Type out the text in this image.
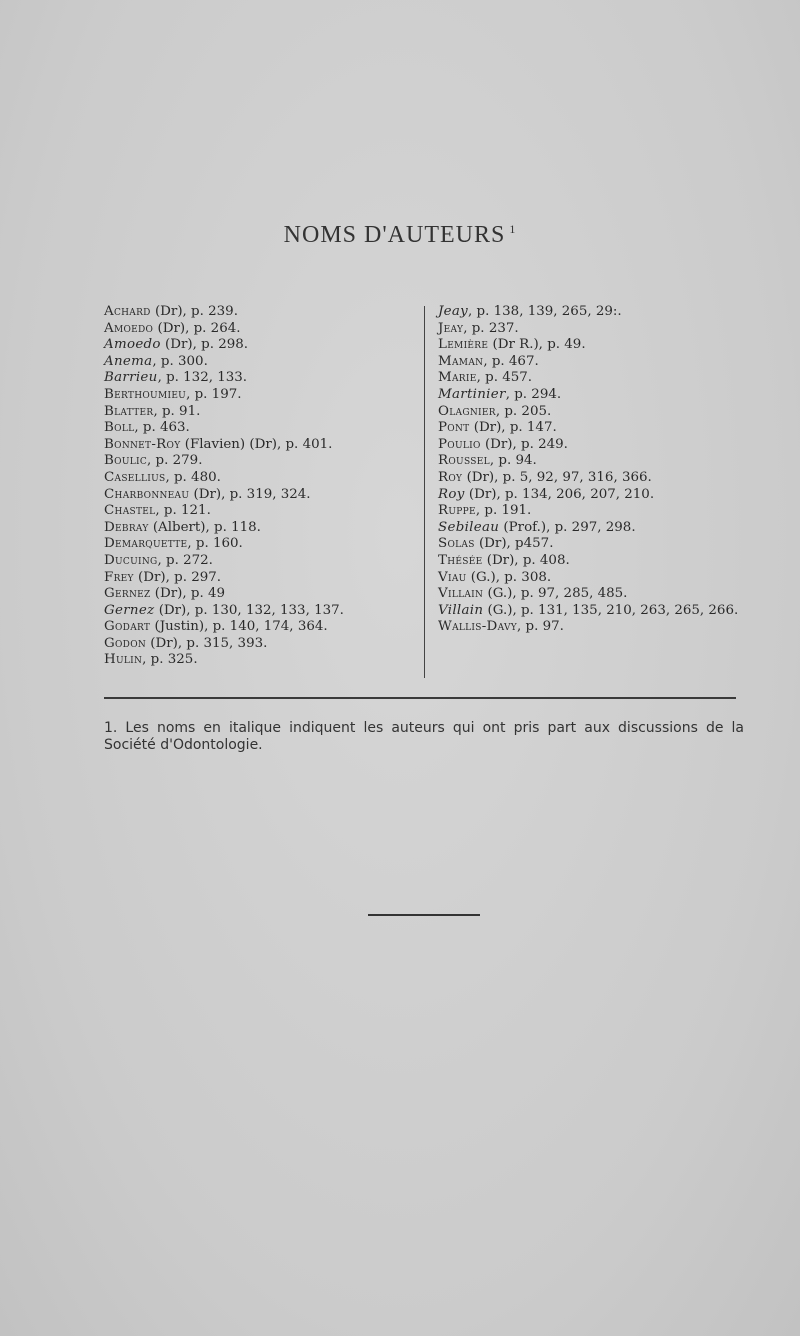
NOMS D'AUTEURS $^1$
Achard (Dr), p. 239.
Amoedo (Dr), p. 264.
Amoedo (Dr), p. 298.
Anema, p. 300.
Barrieu, p. 132, 133.
Berthoumieu, p. 197.
Blatter, p. 91.
Boll, p. 463.
Bonnet-Roy (Flavien) (Dr), p. 401.
Boulic, p. 279.
Casellius, p. 480.
Charbonneau (Dr), p. 319, 324.
Chastel, p. 121.
Debray (Albert), p. 118.
Demarquette, p. 160.
Ducuing, p. 272.
Frey (Dr), p. 297.
Gernez (Dr), p. 49
Gernez (Dr), p. 130, 132, 133, 137.
Godart (Justin), p. 140, 174, 364.
Godon (Dr), p. 315, 393.
Hulin, p. 325.
Jeay, p. 138, 139, 265, 29:.
Jeay, p. 237.
Lemière (Dr R.), p. 49.
Maman, p. 467.
Marie, p. 457.
Martinier, p. 294.
Olagnier, p. 205.
Pont (Dr), p. 147.
Poulio (Dr), p. 249.
Roussel, p. 94.
Roy (Dr), p. 5, 92, 97, 316, 366.
Roy (Dr), p. 134, 206, 207, 210.
Ruppe, p. 191.
Sebileau (Prof.), p. 297, 298.
Solas (Dr), p457.
Thésée (Dr), p. 408.
Viau (G.), p. 308.
Villain (G.), p. 97, 285, 485.
Villain (G.), p. 131, 135, 210, 263, 265, 266.
Wallis-Davy, p. 97.
1. Les noms en italique indiquent les auteurs qui ont pris part aux discussions de la Société d'Odontologie.
